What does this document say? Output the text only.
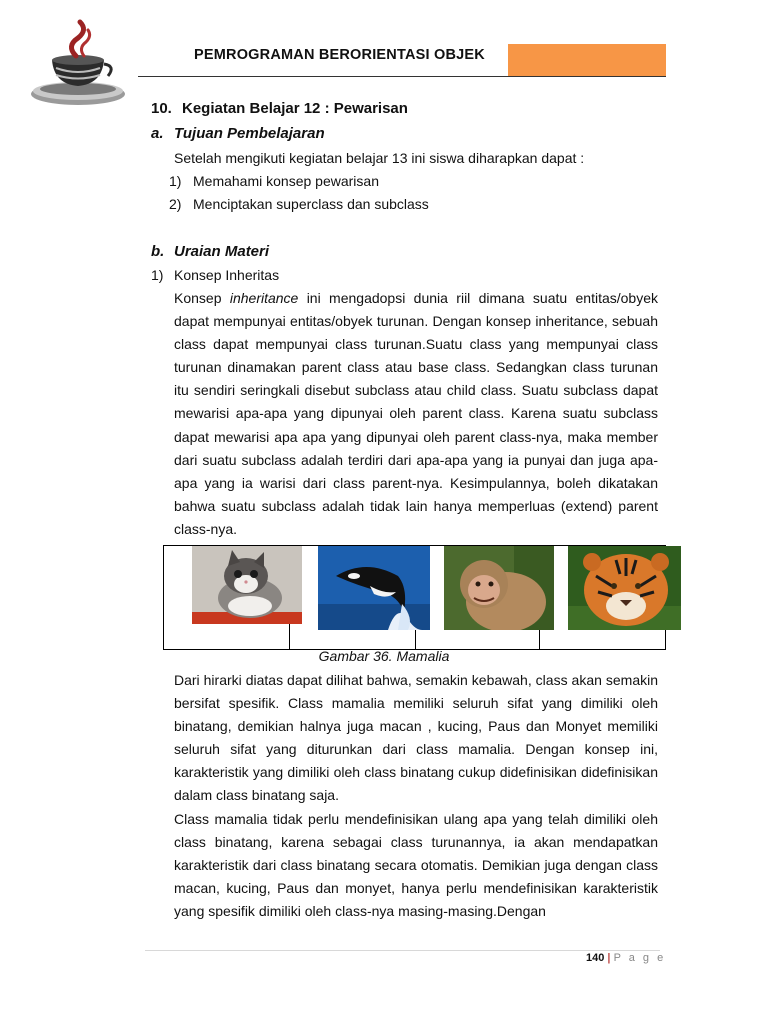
PEMROGRAMAN BERORIENTASI OBJEK
10. Kegiatan Belajar 12 : Pewarisan
a. Tujuan Pembelajaran
Setelah mengikuti kegiatan belajar 13 ini siswa diharapkan dapat :
1) Memahami konsep pewarisan
2) Menciptakan superclass dan subclass
b. Uraian Materi
1) Konsep Inheritas
Konsep inheritance ini mengadopsi dunia riil dimana suatu entitas/obyek dapat mempunyai entitas/obyek turunan. Dengan konsep inheritance, sebuah class dapat mempunyai class turunan.Suatu class yang mempunyai class turunan dinamakan parent class atau base class. Sedangkan class turunan itu sendiri seringkali disebut subclass atau child class. Suatu subclass dapat mewarisi apa-apa yang dipunyai oleh parent class. Karena suatu subclass dapat mewarisi apa apa yang dipunyai oleh parent class-nya, maka member dari suatu subclass adalah terdiri dari apa-apa yang ia punyai dan juga apa-apa yang ia warisi dari class parent-nya. Kesimpulannya, boleh dikatakan bahwa suatu subclass adalah tidak lain hanya memperluas (extend) parent class-nya.
Gambar 36. Mamalia
Dari hirarki diatas dapat dilihat bahwa, semakin kebawah, class akan semakin bersifat spesifik. Class mamalia memiliki seluruh sifat yang dimiliki oleh binatang, demikian halnya juga macan , kucing, Paus dan Monyet memiliki seluruh sifat yang diturunkan dari class mamalia. Dengan konsep ini, karakteristik yang dimiliki oleh class binatang cukup didefinisikan didefinisikan dalam class binatang saja.
Class mamalia tidak perlu mendefinisikan ulang apa yang telah dimiliki oleh class binatang, karena sebagai class turunannya, ia akan mendapatkan karakteristik dari class binatang secara otomatis. Demikian juga dengan class macan, kucing, Paus dan monyet, hanya perlu mendefinisikan karakteristik yang spesifik dimiliki oleh class-nya masing-masing.Dengan
140 | P a g e
